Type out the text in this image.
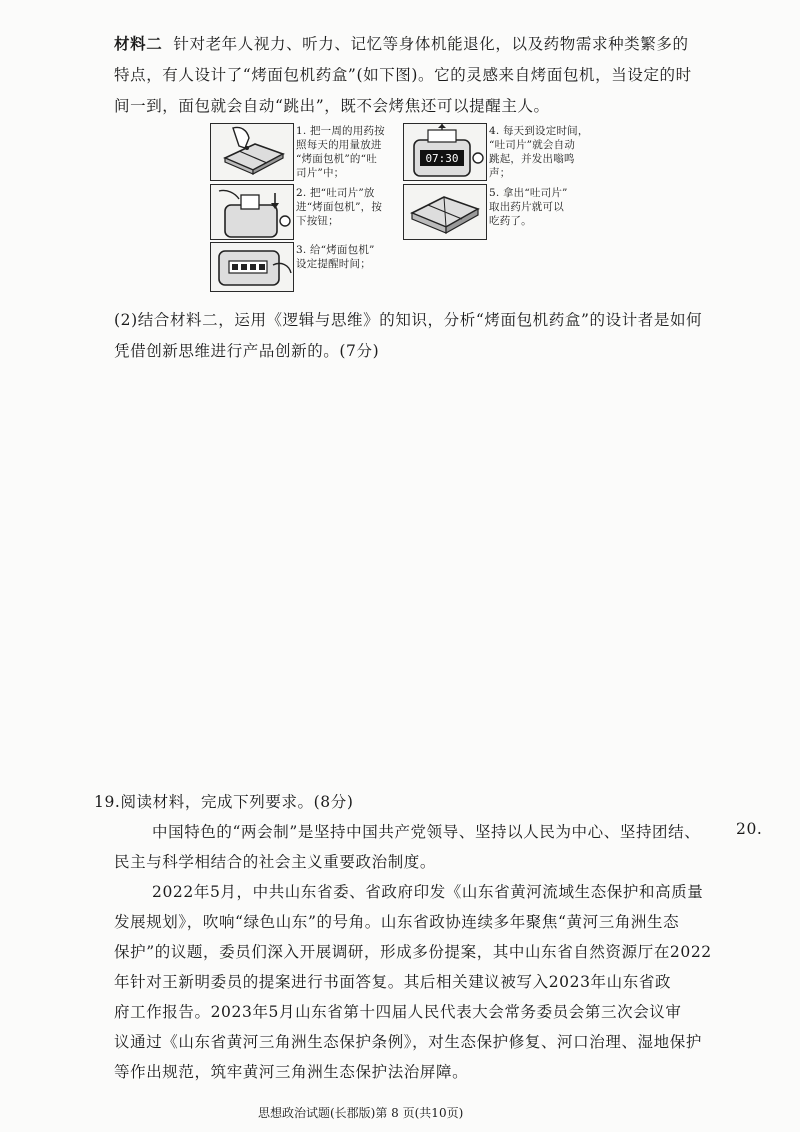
材料二 针对老年人视力、听力、记忆等身体机能退化，以及药物需求种类繁多的
特点，有人设计了“烤面包机药盒”(如下图)。它的灵感来自烤面包机，当设定的时
间一到，面包就会自动“跳出”，既不会烤焦还可以提醒主人。
1. 把一周的用药按
照每天的用量放进
“烤面包机”的“吐
司片”中；
2. 把“吐司片”放
进“烤面包机”，按
下按钮；
3. 给“烤面包机”
设定提醒时间；
07:30
4. 每天到设定时间，
“吐司片”就会自动
跳起，并发出嗡鸣
声；
5. 拿出“吐司片”
取出药片就可以
吃药了。
(2)结合材料二，运用《逻辑与思维》的知识，分析“烤面包机药盒”的设计者是如何
凭借创新思维进行产品创新的。(7分)
19.阅读材料，完成下列要求。(8分)
中国特色的“两会制”是坚持中国共产党领导、坚持以人民为中心、坚持团结、
民主与科学相结合的社会主义重要政治制度。
2022年5月，中共山东省委、省政府印发《山东省黄河流域生态保护和高质量
发展规划》，吹响“绿色山东”的号角。山东省政协连续多年聚焦“黄河三角洲生态
保护”的议题，委员们深入开展调研，形成多份提案，其中山东省自然资源厅在2022
年针对王新明委员的提案进行书面答复。其后相关建议被写入2023年山东省政
府工作报告。2023年5月山东省第十四届人民代表大会常务委员会第三次会议审
议通过《山东省黄河三角洲生态保护条例》，对生态保护修复、河口治理、湿地保护
等作出规范，筑牢黄河三角洲生态保护法治屏障。
20.
思想政治试题(长郡版)第 8 页(共10页)
